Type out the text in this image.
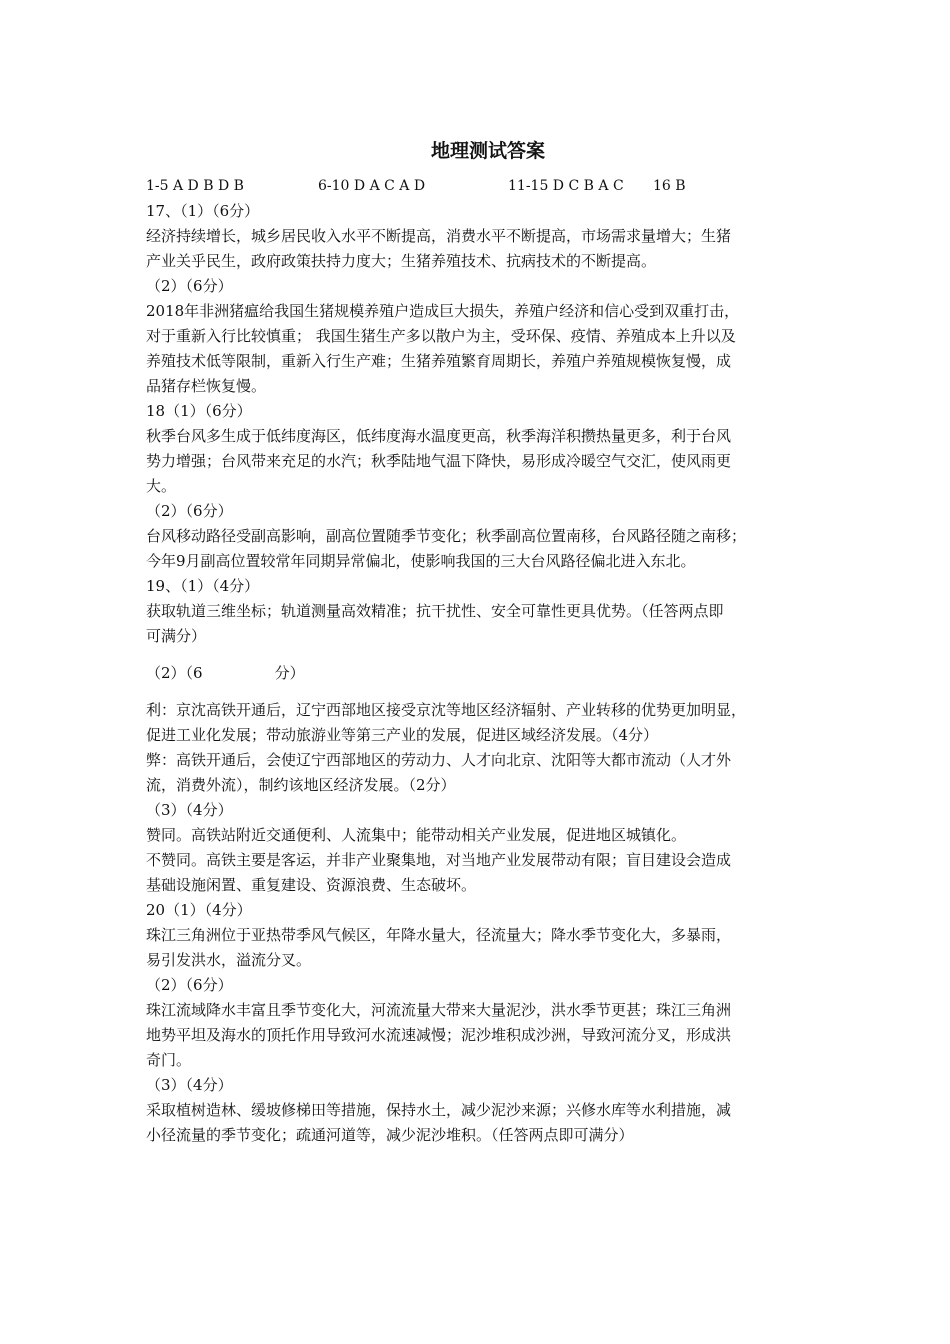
地理测试答案
1-5 A D B D B	6-10 D A C A D	11-15 D C B A C	16 B

17、（1）（6分）

经济持续增长，城乡居民收入水平不断提高，消费水平不断提高，市场需求量增大；生猪

产业关乎民生，政府政策扶持力度大；生猪养殖技术、抗病技术的不断提高。

（2）（6分）

2018年非洲猪瘟给我国生猪规模养殖户造成巨大损失，养殖户经济和信心受到双重打击，

对于重新入行比较慎重； 我国生猪生产多以散户为主，受环保、疫情、养殖成本上升以及

养殖技术低等限制，重新入行生产难；生猪养殖繁育周期长，养殖户养殖规模恢复慢，成

品猪存栏恢复慢。

18（1）（6分）

秋季台风多生成于低纬度海区，低纬度海水温度更高，秋季海洋积攒热量更多，利于台风

势力增强；台风带来充足的水汽；秋季陆地气温下降快，易形成冷暖空气交汇，使风雨更

大。

（2）（6分）

台风移动路径受副高影响，副高位置随季节变化；秋季副高位置南移，台风路径随之南移；

今年9月副高位置较常年同期异常偏北，使影响我国的三大台风路径偏北进入东北。

19、（1）（4分）

获取轨道三维坐标；轨道测量高效精准；抗干扰性、安全可靠性更具优势。（任答两点即

可满分）

（2）（6	分）

利：京沈高铁开通后，辽宁西部地区接受京沈等地区经济辐射、产业转移的优势更加明显，

促进工业化发展；带动旅游业等第三产业的发展，促进区域经济发展。（4分）

弊：高铁开通后，会使辽宁西部地区的劳动力、人才向北京、沈阳等大都市流动（人才外

流，消费外流），制约该地区经济发展。（2分）

（3）（4分）

赞同。高铁站附近交通便利、人流集中；能带动相关产业发展，促进地区城镇化。

不赞同。高铁主要是客运，并非产业聚集地，对当地产业发展带动有限；盲目建设会造成

基础设施闲置、重复建设、资源浪费、生态破坏。

20（1）（4分）

珠江三角洲位于亚热带季风气候区，年降水量大，径流量大；降水季节变化大，多暴雨，

易引发洪水，溢流分叉。

（2）（6分）

珠江流域降水丰富且季节变化大，河流流量大带来大量泥沙，洪水季节更甚；珠江三角洲

地势平坦及海水的顶托作用导致河水流速减慢；泥沙堆积成沙洲，导致河流分叉，形成洪

奇门。

（3）（4分）

采取植树造林、缓坡修梯田等措施，保持水土，减少泥沙来源；兴修水库等水利措施，减

小径流量的季节变化；疏通河道等，减少泥沙堆积。（任答两点即可满分）
